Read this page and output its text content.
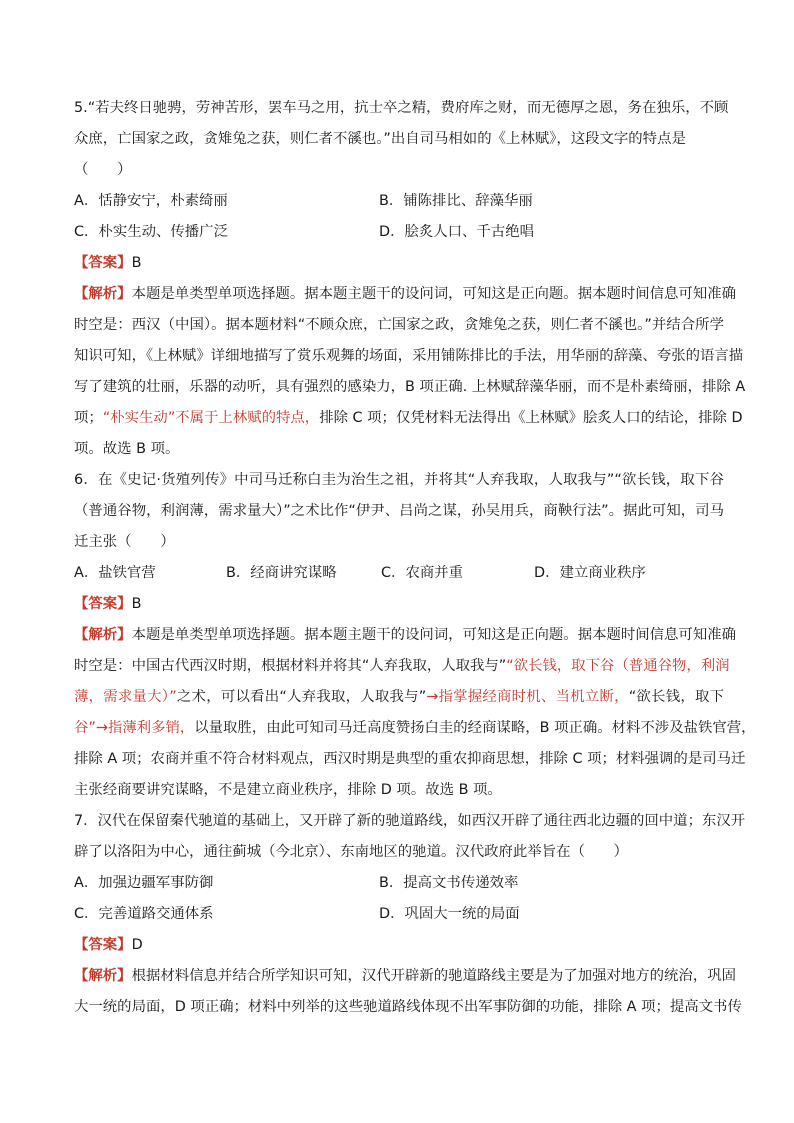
5.“若夫终日驰骋，劳神苦形，罢车马之用，抗士卒之精，费府库之财，而无德厚之恩，务在独乐，不顾
众庶，亡国家之政，贪雉兔之获，则仁者不豀也。”出自司马相如的《上林赋》，这段文字的特点是
（　　）
A．恬静安宁，朴素绮丽	B．铺陈排比、辞藻华丽
C．朴实生动、传播广泛	D．脍炙人口、千古绝唱
【答案】B
【解析】本题是单类型单项选择题。据本题主题干的设问词，可知这是正向题。据本题时间信息可知准确
时空是：西汉（中国）。据本题材料“不顾众庶，亡国家之政，贪雉兔之获，则仁者不豀也。”并结合所学
知识可知，《上林赋》详细地描写了赏乐观舞的场面，采用铺陈排比的手法，用华丽的辞藻、夸张的语言描
写了建筑的壮丽，乐器的动听，具有强烈的感染力，B 项正确. 上林赋辞藻华丽，而不是朴素绮丽，排除 A
项；“朴实生动”不属于上林赋的特点，排除 C 项；仅凭材料无法得出《上林赋》脍炙人口的结论，排除 D
项。故选 B 项。
6．在《史记·货殖列传》中司马迁称白圭为治生之祖，并将其“人弃我取，人取我与”“欲长钱，取下谷
（普通谷物，利润薄，需求量大）”之术比作“伊尹、吕尚之谋，孙吴用兵，商鞅行法”。据此可知，司马
迁主张（　　）
A．盐铁官营	B．经商讲究谋略	C．农商并重	D．建立商业秩序
【答案】B
【解析】本题是单类型单项选择题。据本题主题干的设问词，可知这是正向题。据本题时间信息可知准确
时空是：中国古代西汉时期，根据材料并将其“人弃我取，人取我与”“欲长钱，取下谷（普通谷物，利润
薄，需求量大）”之术，可以看出“人弃我取，人取我与”→指掌握经商时机、当机立断，“欲长钱，取下
谷”→指薄利多销，以量取胜，由此可知司马迁高度赞扬白圭的经商谋略，B 项正确。材料不涉及盐铁官营，
排除 A 项；农商并重不符合材料观点，西汉时期是典型的重农抑商思想，排除 C 项；材料强调的是司马迁
主张经商要讲究谋略，不是建立商业秩序，排除 D 项。故选 B 项。
7．汉代在保留秦代驰道的基础上，又开辟了新的驰道路线，如西汉开辟了通往西北边疆的回中道；东汉开
辟了以洛阳为中心，通往蓟城（今北京）、东南地区的驰道。汉代政府此举旨在（　　）
A．加强边疆军事防御	B．提高文书传递效率
C．完善道路交通体系	D．巩固大一统的局面
【答案】D
【解析】根据材料信息并结合所学知识可知，汉代开辟新的驰道路线主要是为了加强对地方的统治，巩固
大一统的局面，D 项正确；材料中列举的这些驰道路线体现不出军事防御的功能，排除 A 项；提高文书传
